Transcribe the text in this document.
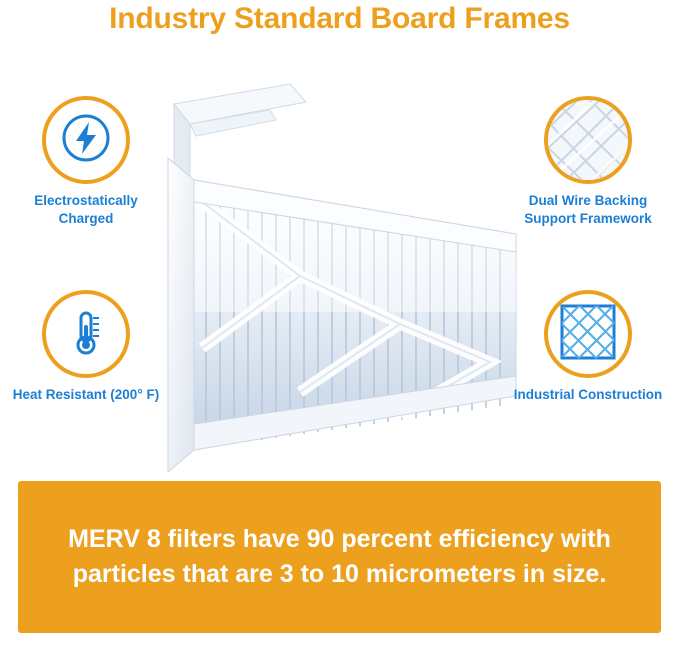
Industry Standard Board Frames
Electrostatically Charged
Heat Resistant (200° F)
Dual Wire Backing Support Framework
Industrial Construction
MERV 8 filters have 90 percent efficiency with particles that are 3 to 10 micrometers in size.
